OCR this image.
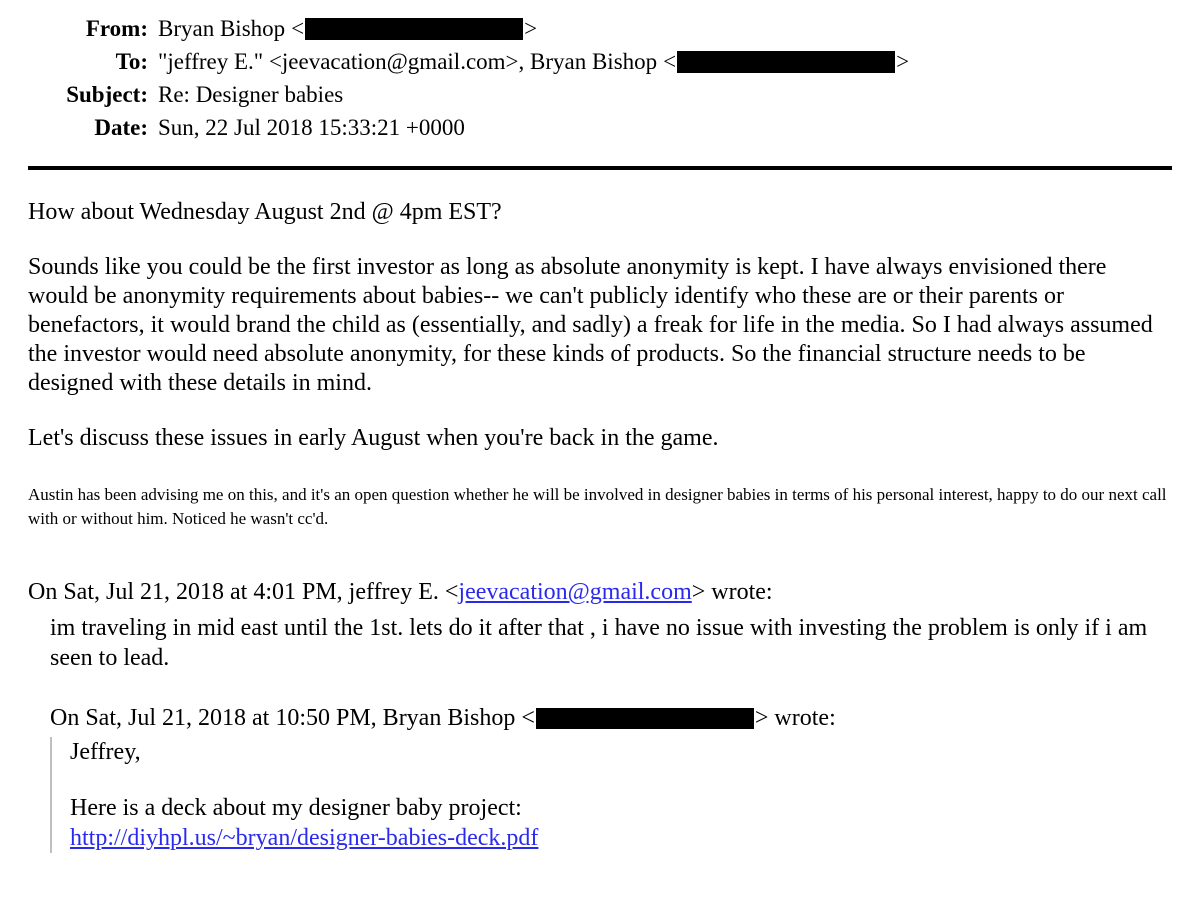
From: Bryan Bishop <	>
To: "jeffrey E." <jeevacation@gmail.com>, Bryan Bishop <	>
Subject: Re: Designer babies
Date: Sun, 22 Jul 2018 15:33:21 +0000

How about Wednesday August 2nd @ 4pm EST?

Sounds like you could be the first investor as long as absolute anonymity is kept. I have always envisioned there would be anonymity requirements about babies-- we can't publicly identify who these are or their parents or benefactors, it would brand the child as (essentially, and sadly) a freak for life in the media. So I had always assumed the investor would need absolute anonymity, for these kinds of products. So the financial structure needs to be designed with these details in mind.

Let's discuss these issues in early August when you're back in the game.

Austin has been advising me on this, and it's an open question whether he will be involved in designer babies in terms of his personal interest, happy to do our next call with or without him. Noticed he wasn't cc'd.

On Sat, Jul 21, 2018 at 4:01 PM, jeffrey E. < jeevacation@gmail.com > wrote:
im traveling in mid east until the 1st. lets do it after that , i have no issue with investing the problem is only if i am seen to lead.
On Sat, Jul 21, 2018 at 10:50 PM, Bryan Bishop <	> wrote:
Jeffrey,
Here is a deck about my designer baby project:
http://diyhpl.us/~bryan/designer-babies-deck.pdf
